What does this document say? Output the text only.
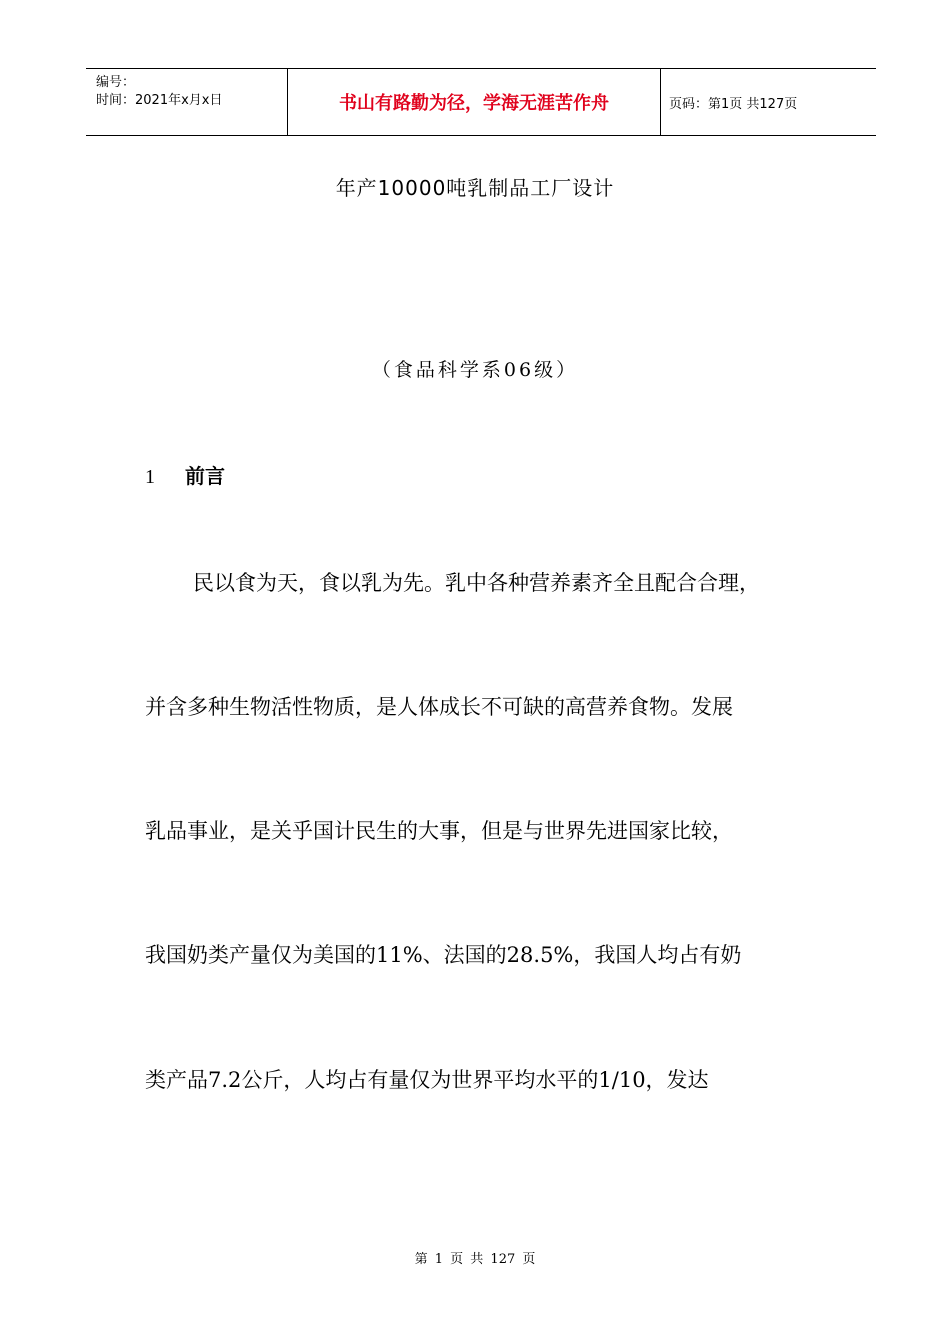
编号：
时间：2021年x月x日	书山有路勤为径，学海无涯苦作舟	页码：第1页 共127页
年产10000吨乳制品工厂设计
（食品科学系06级）
1 前言
民以食为天，食以乳为先。乳中各种营养素齐全且配合合理，
并含多种生物活性物质，是人体成长不可缺的高营养食物。发展
乳品事业，是关乎国计民生的大事，但是与世界先进国家比较，
我国奶类产量仅为美国的11%、法国的28.5%，我国人均占有奶
类产品7.2公斤，人均占有量仅为世界平均水平的1/10，发达
第 1 页 共 127 页
